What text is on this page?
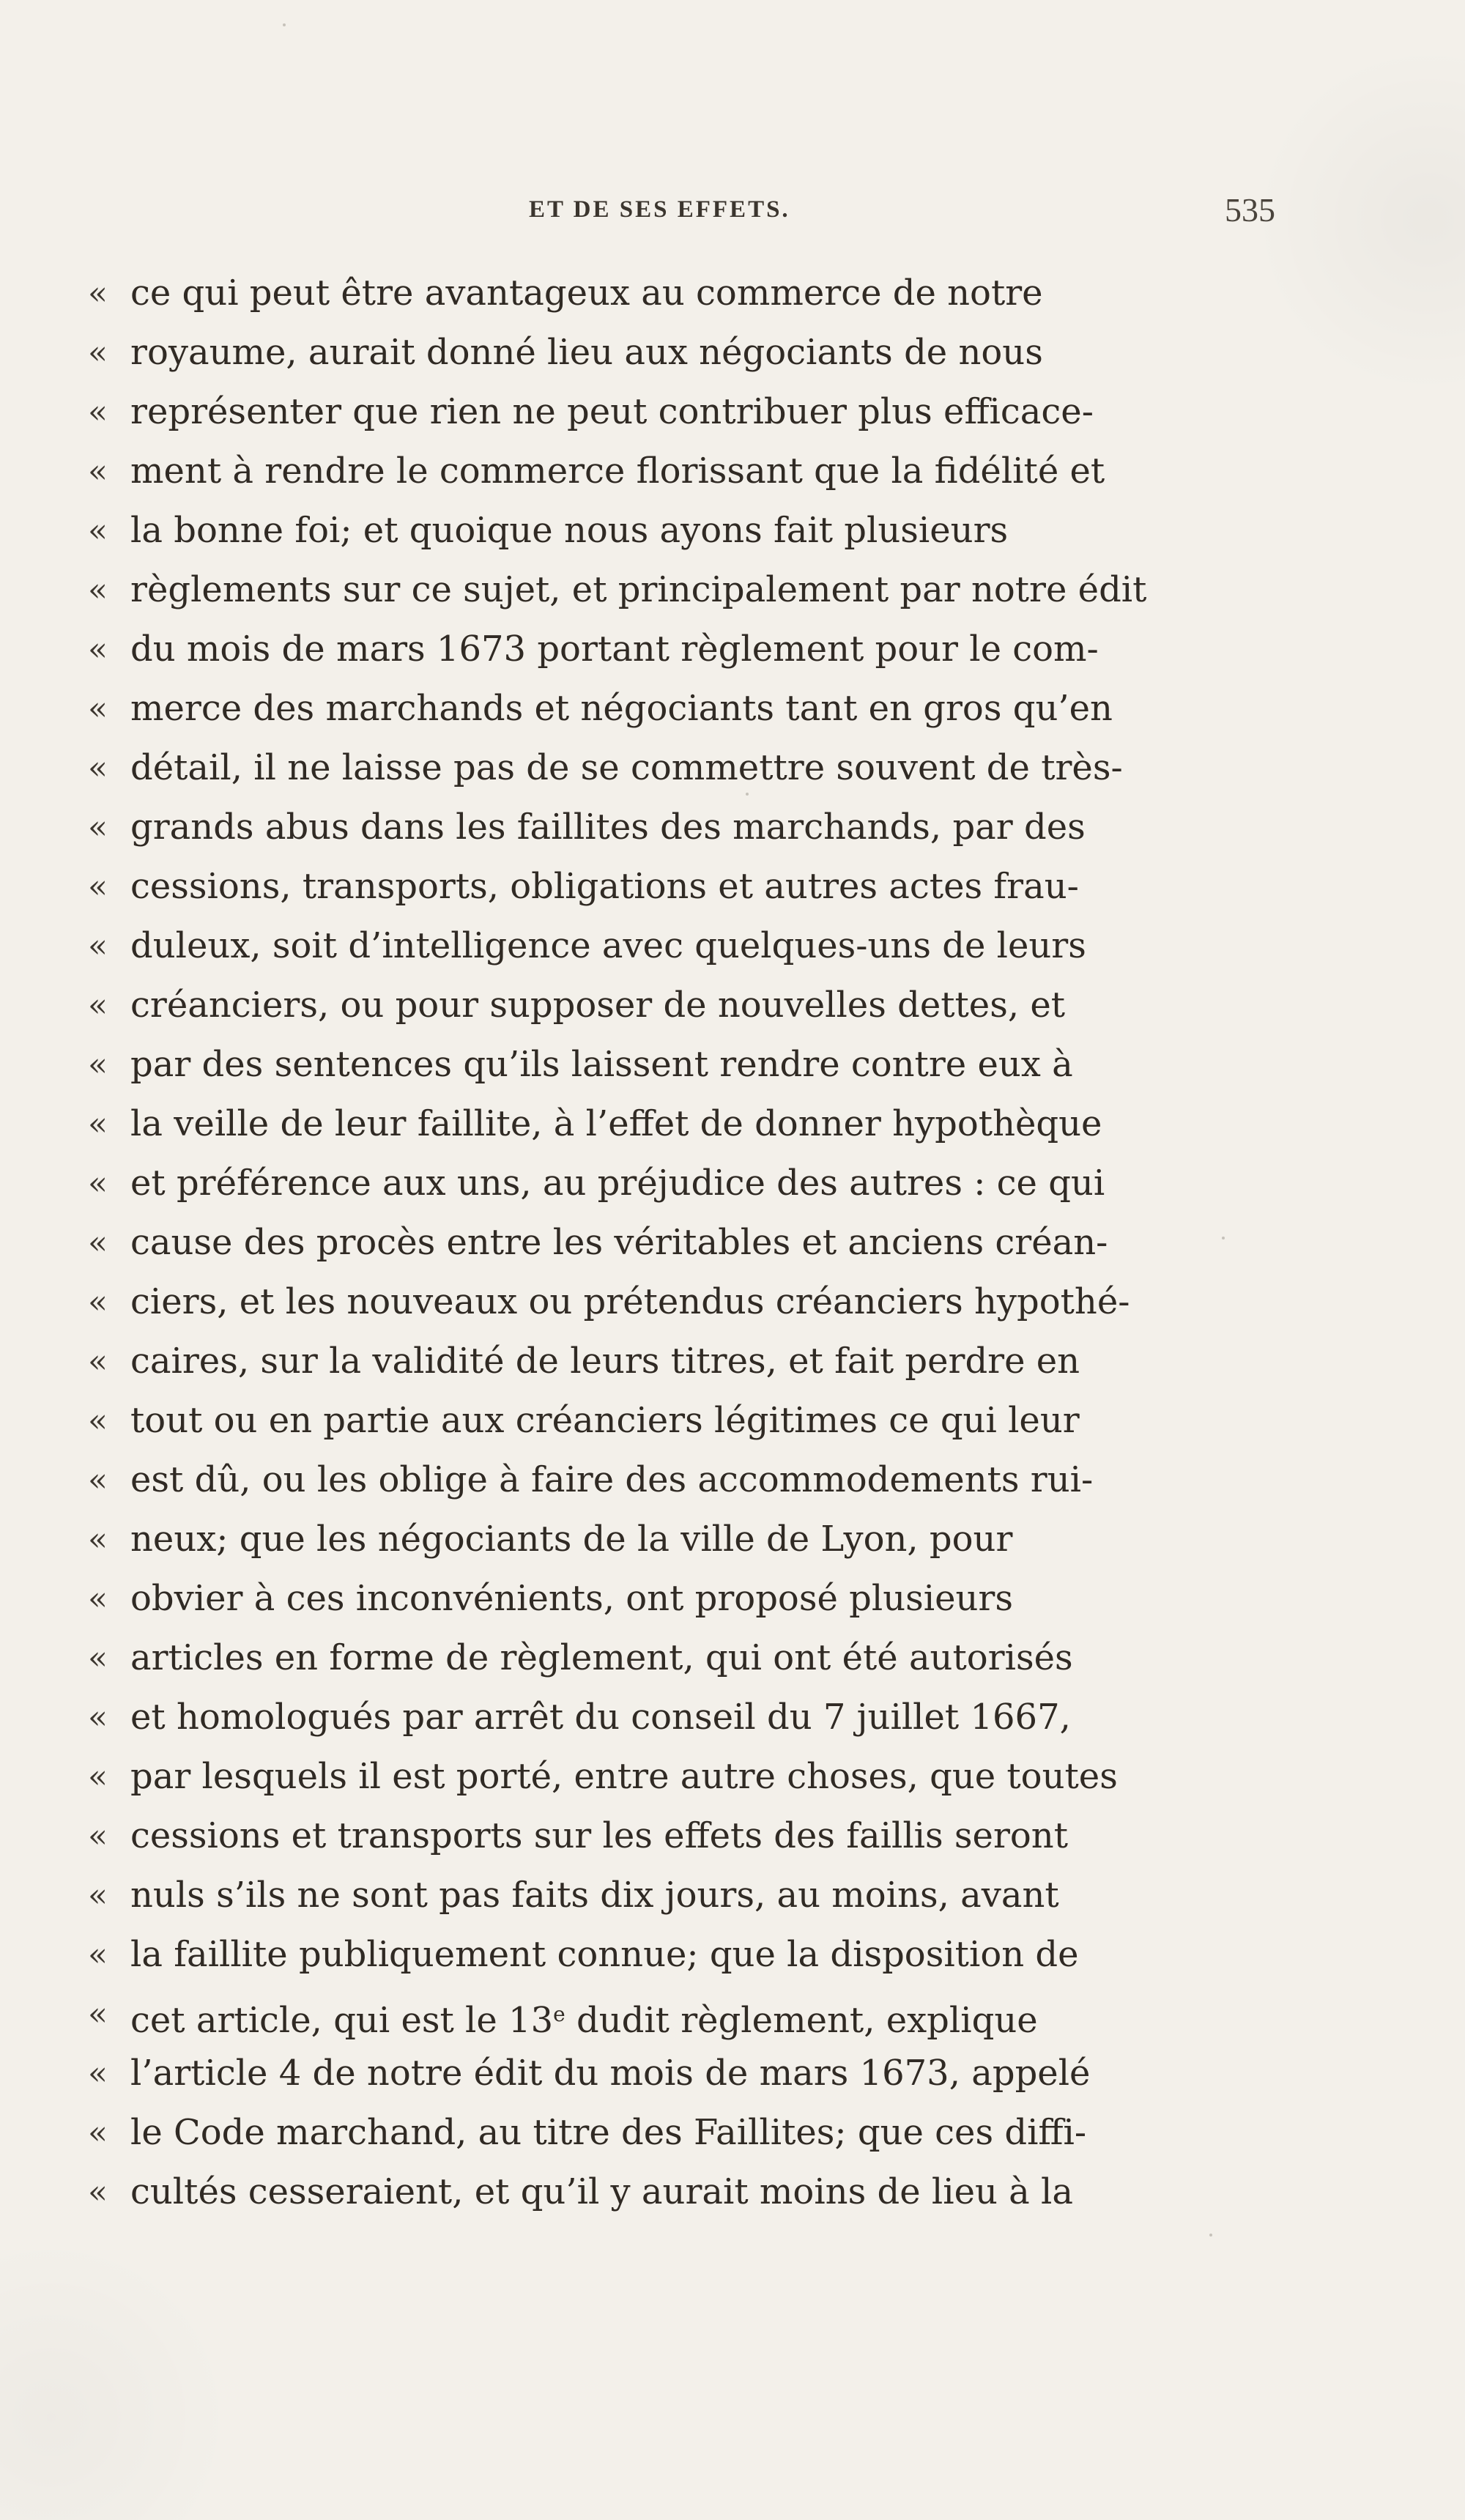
ET DE SES EFFETS.	535
« ce qui peut être avantageux au commerce de notre
« royaume, aurait donné lieu aux négociants de nous
« représenter que rien ne peut contribuer plus efficace-
« ment à rendre le commerce florissant que la fidélité et
« la bonne foi; et quoique nous ayons fait plusieurs
« règlements sur ce sujet, et principalement par notre édit
« du mois de mars 1673 portant règlement pour le com-
« merce des marchands et négociants tant en gros qu’en
« détail, il ne laisse pas de se commettre souvent de très-
« grands abus dans les faillites des marchands, par des
« cessions, transports, obligations et autres actes frau-
« duleux, soit d’intelligence avec quelques-uns de leurs
« créanciers, ou pour supposer de nouvelles dettes, et
« par des sentences qu’ils laissent rendre contre eux à
« la veille de leur faillite, à l’effet de donner hypothèque
« et préférence aux uns, au préjudice des autres : ce qui
« cause des procès entre les véritables et anciens créan-
« ciers, et les nouveaux ou prétendus créanciers hypothé-
« caires, sur la validité de leurs titres, et fait perdre en
« tout ou en partie aux créanciers légitimes ce qui leur
« est dû, ou les oblige à faire des accommodements rui-
« neux; que les négociants de la ville de Lyon, pour
« obvier à ces inconvénients, ont proposé plusieurs
« articles en forme de règlement, qui ont été autorisés
« et homologués par arrêt du conseil du 7 juillet 1667,
« par lesquels il est porté, entre autre choses, que toutes
« cessions et transports sur les effets des faillis seront
« nuls s’ils ne sont pas faits dix jours, au moins, avant
« la faillite publiquement connue; que la disposition de
« cet article, qui est le 13e dudit règlement, explique
« l’article 4 de notre édit du mois de mars 1673, appelé
« le Code marchand, au titre des Faillites; que ces diffi-
« cultés cesseraient, et qu’il y aurait moins de lieu à la
